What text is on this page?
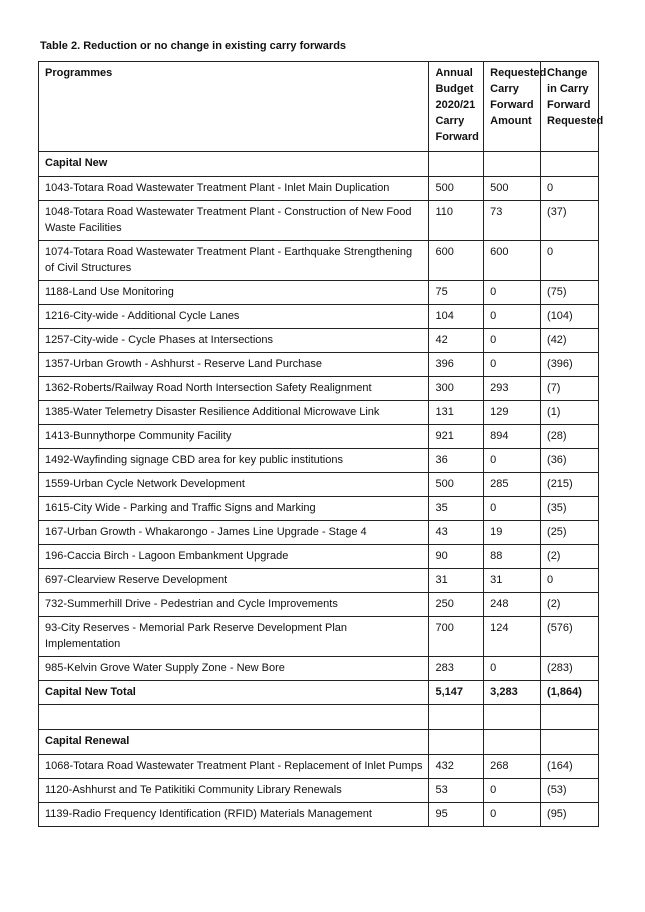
Table 2. Reduction or no change in existing carry forwards
Programmes	Annual Budget 2020/21 Carry Forward	Requested Carry Forward Amount	Change in Carry Forward Requested
Capital New			
1043-Totara Road Wastewater Treatment Plant - Inlet Main Duplication	500	500	0
1048-Totara Road Wastewater Treatment Plant - Construction of New Food Waste Facilities	110	73	(37)
1074-Totara Road Wastewater Treatment Plant - Earthquake Strengthening of Civil Structures	600	600	0
1188-Land Use Monitoring	75	0	(75)
1216-City-wide - Additional Cycle Lanes	104	0	(104)
1257-City-wide - Cycle Phases at Intersections	42	0	(42)
1357-Urban Growth - Ashhurst - Reserve Land Purchase	396	0	(396)
1362-Roberts/Railway Road North Intersection Safety Realignment	300	293	(7)
1385-Water Telemetry Disaster Resilience Additional Microwave Link	131	129	(1)
1413-Bunnythorpe Community Facility	921	894	(28)
1492-Wayfinding signage CBD area for key public institutions	36	0	(36)
1559-Urban Cycle Network Development	500	285	(215)
1615-City Wide - Parking and Traffic Signs and Marking	35	0	(35)
167-Urban Growth - Whakarongo - James Line Upgrade - Stage 4	43	19	(25)
196-Caccia Birch - Lagoon Embankment Upgrade	90	88	(2)
697-Clearview Reserve Development	31	31	0
732-Summerhill Drive - Pedestrian and Cycle Improvements	250	248	(2)
93-City Reserves - Memorial Park Reserve Development Plan Implementation	700	124	(576)
985-Kelvin Grove Water Supply Zone - New Bore	283	0	(283)
Capital New Total	5,147	3,283	(1,864)

Capital Renewal			
1068-Totara Road Wastewater Treatment Plant - Replacement of Inlet Pumps	432	268	(164)
1120-Ashhurst and Te Patikitiki Community Library Renewals	53	0	(53)
1139-Radio Frequency Identification (RFID) Materials Management	95	0	(95)
